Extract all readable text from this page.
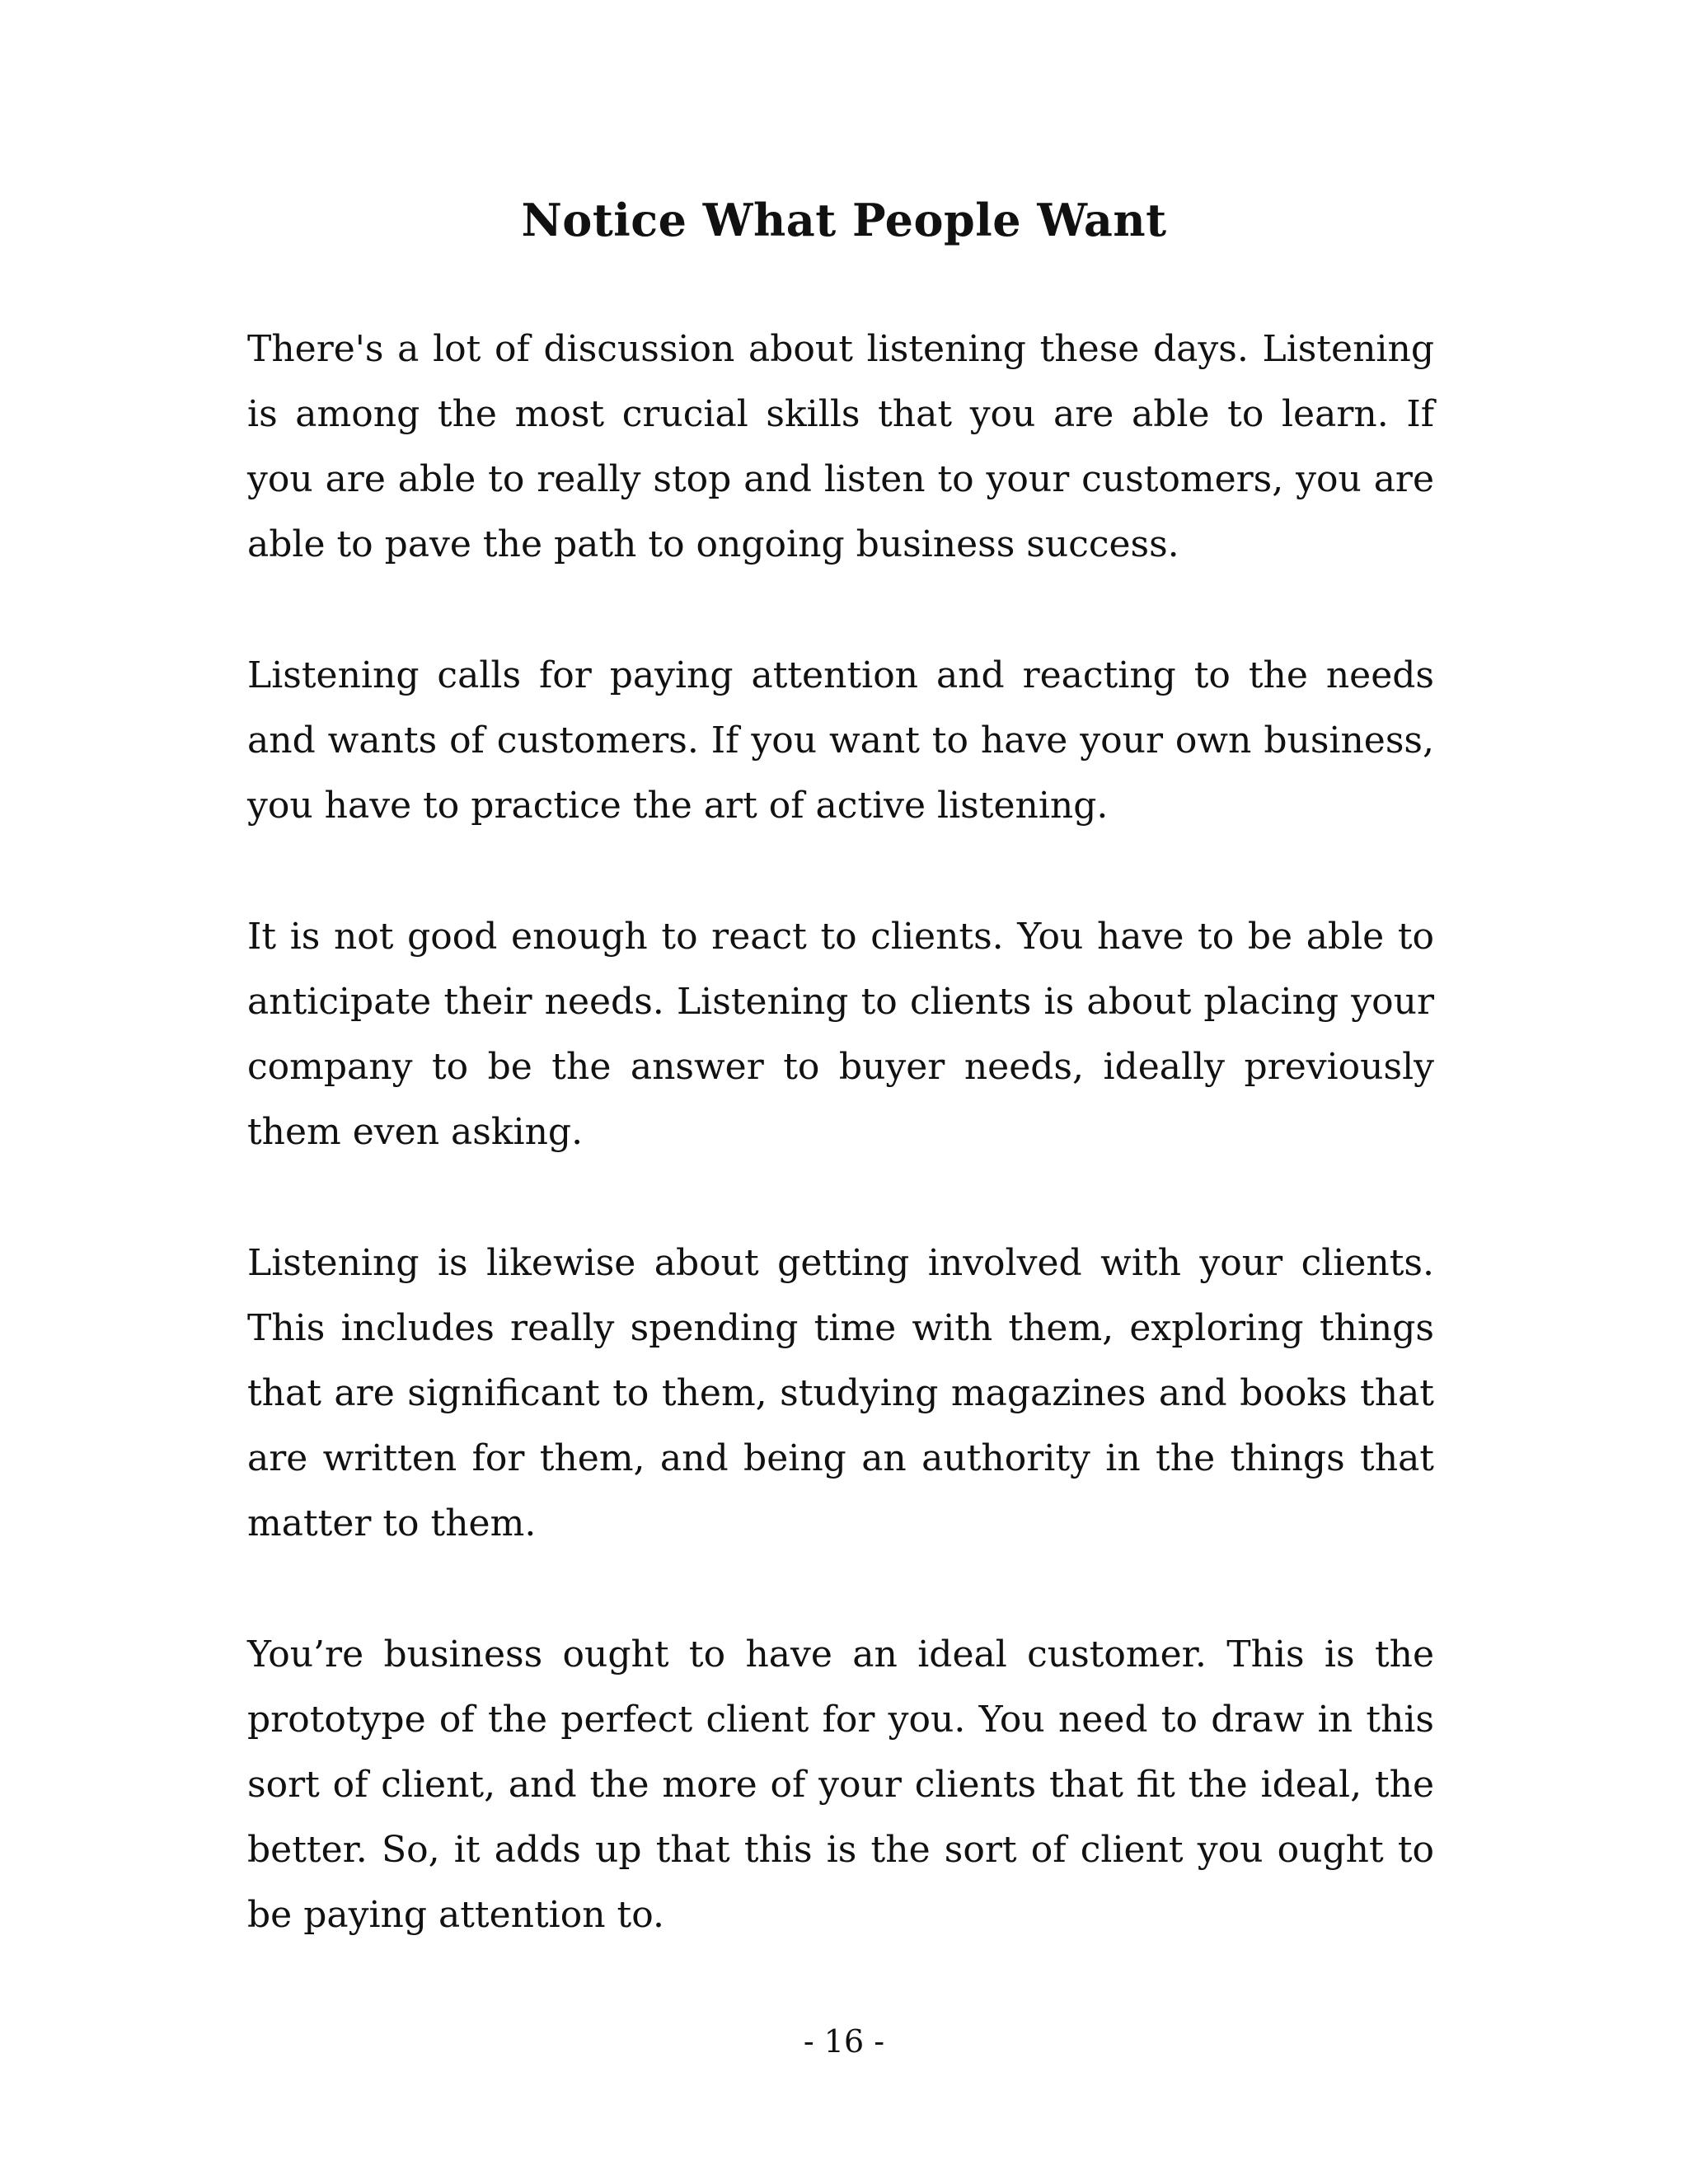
Notice What People Want

There's a lot of discussion about listening these days. Listening is among the most crucial skills that you are able to learn. If you are able to really stop and listen to your customers, you are able to pave the path to ongoing business success.

Listening calls for paying attention and reacting to the needs and wants of customers. If you want to have your own business, you have to practice the art of active listening.

It is not good enough to react to clients. You have to be able to anticipate their needs. Listening to clients is about placing your company to be the answer to buyer needs, ideally previously them even asking.

Listening is likewise about getting involved with your clients. This includes really spending time with them, exploring things that are significant to them, studying magazines and books that are written for them, and being an authority in the things that matter to them.

You’re business ought to have an ideal customer. This is the prototype of the perfect client for you. You need to draw in this sort of client, and the more of your clients that fit the ideal, the better. So, it adds up that this is the sort of client you ought to be paying attention to.

- 16 -
